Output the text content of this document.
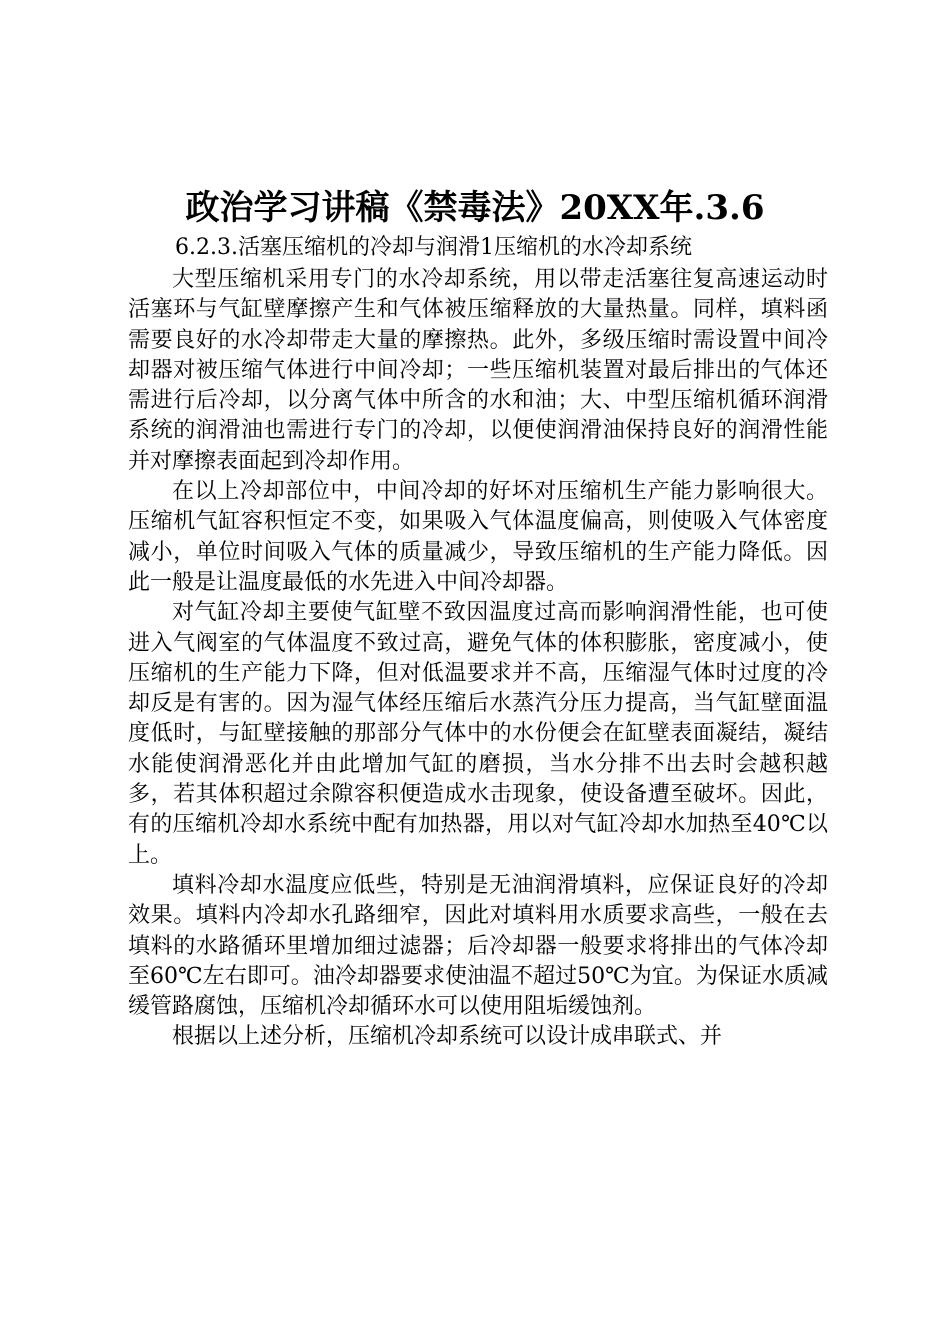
政治学习讲稿《禁毒法》20XX年.3.6
6.2.3.活塞压缩机的冷却与润滑1压缩机的水冷却系统

大型压缩机采用专门的水冷却系统，用以带走活塞往复高速运动时活塞环与气缸壁摩擦产生和气体被压缩释放的大量热量。同样，填料函需要良好的水冷却带走大量的摩擦热。此外，多级压缩时需设置中间冷却器对被压缩气体进行中间冷却；一些压缩机装置对最后排出的气体还需进行后冷却，以分离气体中所含的水和油；大、中型压缩机循环润滑系统的润滑油也需进行专门的冷却，以便使润滑油保持良好的润滑性能并对摩擦表面起到冷却作用。

在以上冷却部位中，中间冷却的好坏对压缩机生产能力影响很大。压缩机气缸容积恒定不变，如果吸入气体温度偏高，则使吸入气体密度减小，单位时间吸入气体的质量减少，导致压缩机的生产能力降低。因此一般是让温度最低的水先进入中间冷却器。

对气缸冷却主要使气缸壁不致因温度过高而影响润滑性能，也可使进入气阀室的气体温度不致过高，避免气体的体积膨胀，密度减小，使压缩机的生产能力下降，但对低温要求并不高，压缩湿气体时过度的冷却反是有害的。因为湿气体经压缩后水蒸汽分压力提高，当气缸壁面温度低时，与缸壁接触的那部分气体中的水份便会在缸壁表面凝结，凝结水能使润滑恶化并由此增加气缸的磨损，当水分排不出去时会越积越多，若其体积超过余隙容积便造成水击现象，使设备遭至破坏。因此，有的压缩机冷却水系统中配有加热器，用以对气缸冷却水加热至40℃以上。

填料冷却水温度应低些，特别是无油润滑填料，应保证良好的冷却效果。填料内冷却水孔路细窄，因此对填料用水质要求高些，一般在去填料的水路循环里增加细过滤器；后冷却器一般要求将排出的气体冷却至60℃左右即可。油冷却器要求使油温不超过50℃为宜。为保证水质减缓管路腐蚀，压缩机冷却循环水可以使用阻垢缓蚀剂。

根据以上述分析，压缩机冷却系统可以设计成串联式、并
